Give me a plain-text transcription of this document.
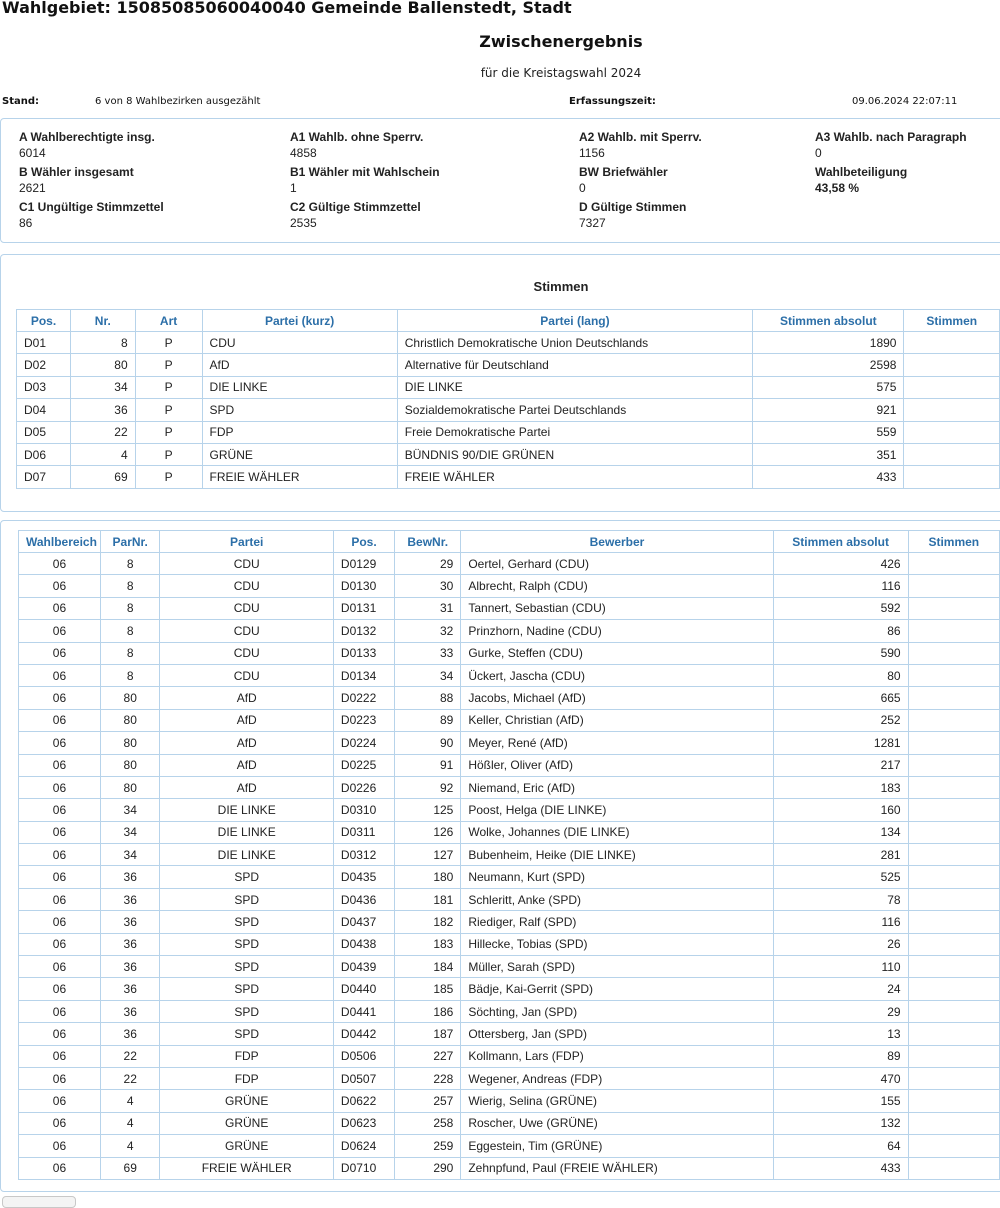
Wahlgebiet: 15085085060040040 Gemeinde Ballenstedt, Stadt
Zwischenergebnis

für die Kreistagswahl 2024

Stand:	6 von 8 Wahlbezirken ausgezählt	Erfassungszeit:	09.06.2024 22:07:11
A Wahlberechtigte insg.
6014
A1 Wahlb. ohne Sperrv.
4858
A2 Wahlb. mit Sperrv.
1156
A3 Wahlb. nach Paragraph
0
B Wähler insgesamt
2621
B1 Wähler mit Wahlschein
1
BW Briefwähler
0
Wahlbeteiligung
43,58 %
C1 Ungültige Stimmzettel
86
C2 Gültige Stimmzettel
2535
D Gültige Stimmen
7327
Stimmen
Pos.	Nr.	Art	Partei (kurz)	Partei (lang)	Stimmen absolut	Stimmen
D01	8	P	CDU	Christlich Demokratische Union Deutschlands	1890	
D02	80	P	AfD	Alternative für Deutschland	2598	
D03	34	P	DIE LINKE	DIE LINKE	575	
D04	36	P	SPD	Sozialdemokratische Partei Deutschlands	921	
D05	22	P	FDP	Freie Demokratische Partei	559	
D06	4	P	GRÜNE	BÜNDNIS 90/DIE GRÜNEN	351	
D07	69	P	FREIE WÄHLER	FREIE WÄHLER	433	
Wahlbereich	ParNr.	Partei	Pos.	BewNr.	Bewerber	Stimmen absolut	Stimmen
06	8	CDU	D0129	29	Oertel, Gerhard (CDU)	426	
06	8	CDU	D0130	30	Albrecht, Ralph (CDU)	116	
06	8	CDU	D0131	31	Tannert, Sebastian (CDU)	592	
06	8	CDU	D0132	32	Prinzhorn, Nadine (CDU)	86	
06	8	CDU	D0133	33	Gurke, Steffen (CDU)	590	
06	8	CDU	D0134	34	Ückert, Jascha (CDU)	80	
06	80	AfD	D0222	88	Jacobs, Michael (AfD)	665	
06	80	AfD	D0223	89	Keller, Christian (AfD)	252	
06	80	AfD	D0224	90	Meyer, René (AfD)	1281	
06	80	AfD	D0225	91	Hößler, Oliver (AfD)	217	
06	80	AfD	D0226	92	Niemand, Eric (AfD)	183	
06	34	DIE LINKE	D0310	125	Poost, Helga (DIE LINKE)	160	
06	34	DIE LINKE	D0311	126	Wolke, Johannes (DIE LINKE)	134	
06	34	DIE LINKE	D0312	127	Bubenheim, Heike (DIE LINKE)	281	
06	36	SPD	D0435	180	Neumann, Kurt (SPD)	525	
06	36	SPD	D0436	181	Schleritt, Anke (SPD)	78	
06	36	SPD	D0437	182	Riediger, Ralf (SPD)	116	
06	36	SPD	D0438	183	Hillecke, Tobias (SPD)	26	
06	36	SPD	D0439	184	Müller, Sarah (SPD)	110	
06	36	SPD	D0440	185	Bädje, Kai-Gerrit (SPD)	24	
06	36	SPD	D0441	186	Söchting, Jan (SPD)	29	
06	36	SPD	D0442	187	Ottersberg, Jan (SPD)	13	
06	22	FDP	D0506	227	Kollmann, Lars (FDP)	89	
06	22	FDP	D0507	228	Wegener, Andreas (FDP)	470	
06	4	GRÜNE	D0622	257	Wierig, Selina (GRÜNE)	155	
06	4	GRÜNE	D0623	258	Roscher, Uwe (GRÜNE)	132	
06	4	GRÜNE	D0624	259	Eggestein, Tim (GRÜNE)	64	
06	69	FREIE WÄHLER	D0710	290	Zehnpfund, Paul (FREIE WÄHLER)	433	
